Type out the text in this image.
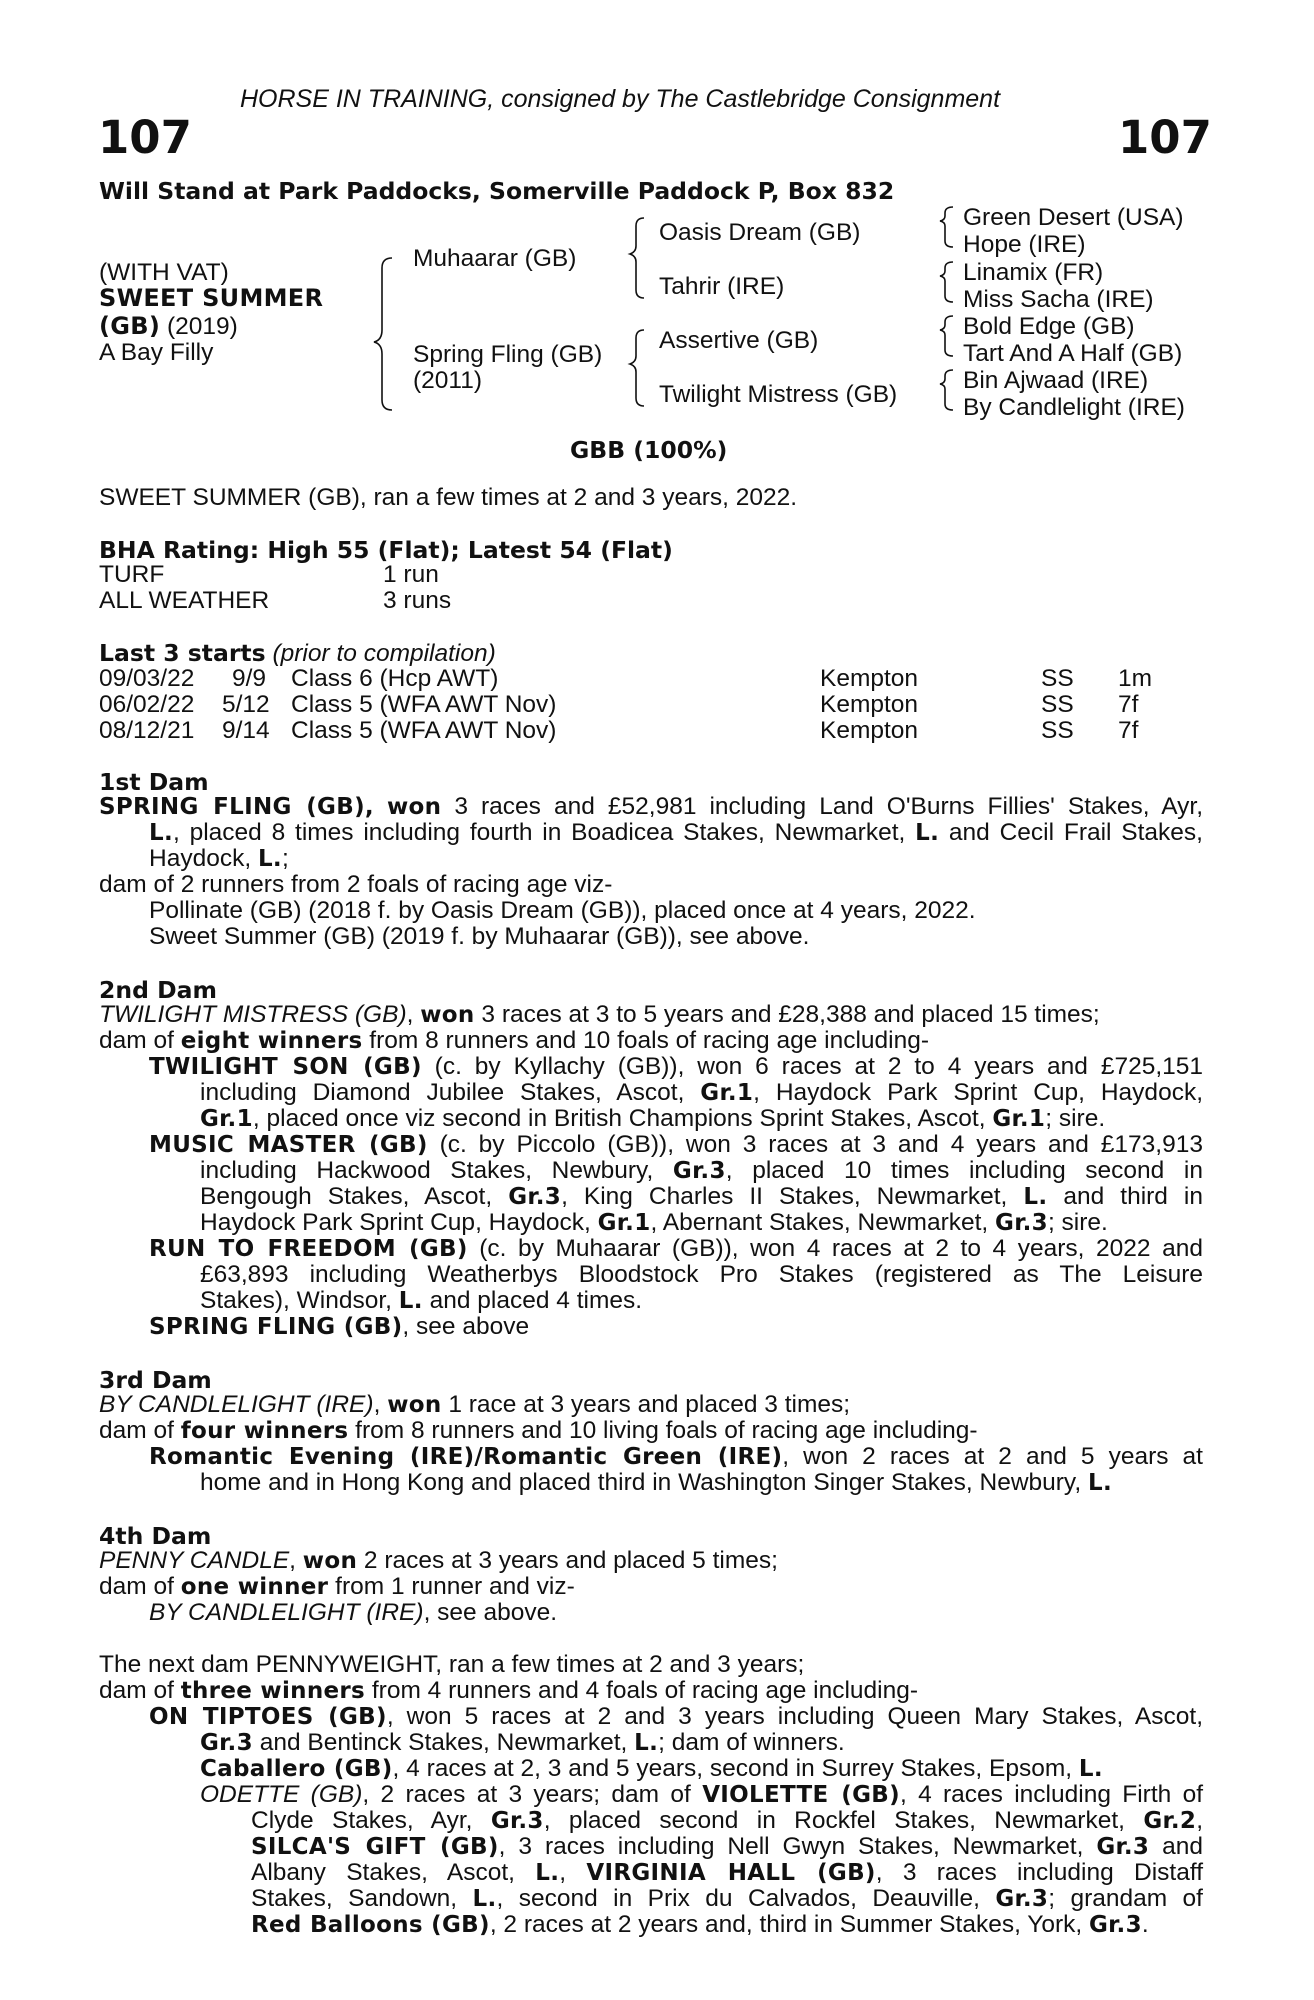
HORSE IN TRAINING, consigned by The Castlebridge Consignment
107	107
Will Stand at Park Paddocks, Somerville Paddock P, Box 832
(WITH VAT)
SWEET SUMMER
(GB) (2019)
A Bay Filly
Muhaarar (GB)
Spring Fling (GB)
(2011)
Oasis Dream (GB)
Tahrir (IRE)
Assertive (GB)
Twilight Mistress (GB)
Green Desert (USA)
Hope (IRE)
Linamix (FR)
Miss Sacha (IRE)
Bold Edge (GB)
Tart And A Half (GB)
Bin Ajwaad (IRE)
By Candlelight (IRE)
GBB (100%)
SWEET SUMMER (GB), ran a few times at 2 and 3 years, 2022.
BHA Rating: High 55 (Flat); Latest 54 (Flat)
TURF	1 run
ALL WEATHER	3 runs
Last 3 starts (prior to compilation)
09/03/22 9/9 Class 6 (Hcp AWT)	Kempton	SS 1m
06/02/22 5/12 Class 5 (WFA AWT Nov)	Kempton	SS 7f
08/12/21 9/14 Class 5 (WFA AWT Nov)	Kempton	SS 7f
1st Dam
SPRING FLING (GB), won 3 races and £52,981 including Land O'Burns Fillies' Stakes, Ayr,
L., placed 8 times including fourth in Boadicea Stakes, Newmarket, L. and Cecil Frail Stakes,
Haydock, L.;
dam of 2 runners from 2 foals of racing age viz-
Pollinate (GB) (2018 f. by Oasis Dream (GB)), placed once at 4 years, 2022.
Sweet Summer (GB) (2019 f. by Muhaarar (GB)), see above.
2nd Dam
TWILIGHT MISTRESS (GB), won 3 races at 3 to 5 years and £28,388 and placed 15 times;
dam of eight winners from 8 runners and 10 foals of racing age including-
TWILIGHT SON (GB) (c. by Kyllachy (GB)), won 6 races at 2 to 4 years and £725,151
including Diamond Jubilee Stakes, Ascot, Gr.1, Haydock Park Sprint Cup, Haydock,
Gr.1, placed once viz second in British Champions Sprint Stakes, Ascot, Gr.1; sire.
MUSIC MASTER (GB) (c. by Piccolo (GB)), won 3 races at 3 and 4 years and £173,913
including Hackwood Stakes, Newbury, Gr.3, placed 10 times including second in
Bengough Stakes, Ascot, Gr.3, King Charles II Stakes, Newmarket, L. and third in
Haydock Park Sprint Cup, Haydock, Gr.1, Abernant Stakes, Newmarket, Gr.3; sire.
RUN TO FREEDOM (GB) (c. by Muhaarar (GB)), won 4 races at 2 to 4 years, 2022 and
£63,893 including Weatherbys Bloodstock Pro Stakes (registered as The Leisure
Stakes), Windsor, L. and placed 4 times.
SPRING FLING (GB), see above
3rd Dam
BY CANDLELIGHT (IRE), won 1 race at 3 years and placed 3 times;
dam of four winners from 8 runners and 10 living foals of racing age including-
Romantic Evening (IRE)/Romantic Green (IRE), won 2 races at 2 and 5 years at
home and in Hong Kong and placed third in Washington Singer Stakes, Newbury, L.
4th Dam
PENNY CANDLE, won 2 races at 3 years and placed 5 times;
dam of one winner from 1 runner and viz-
BY CANDLELIGHT (IRE), see above.
The next dam PENNYWEIGHT, ran a few times at 2 and 3 years;
dam of three winners from 4 runners and 4 foals of racing age including-
ON TIPTOES (GB), won 5 races at 2 and 3 years including Queen Mary Stakes, Ascot,
Gr.3 and Bentinck Stakes, Newmarket, L.; dam of winners.
Caballero (GB), 4 races at 2, 3 and 5 years, second in Surrey Stakes, Epsom, L.
ODETTE (GB), 2 races at 3 years; dam of VIOLETTE (GB), 4 races including Firth of
Clyde Stakes, Ayr, Gr.3, placed second in Rockfel Stakes, Newmarket, Gr.2,
SILCA'S GIFT (GB), 3 races including Nell Gwyn Stakes, Newmarket, Gr.3 and
Albany Stakes, Ascot, L., VIRGINIA HALL (GB), 3 races including Distaff
Stakes, Sandown, L., second in Prix du Calvados, Deauville, Gr.3; grandam of
Red Balloons (GB), 2 races at 2 years and, third in Summer Stakes, York, Gr.3.
